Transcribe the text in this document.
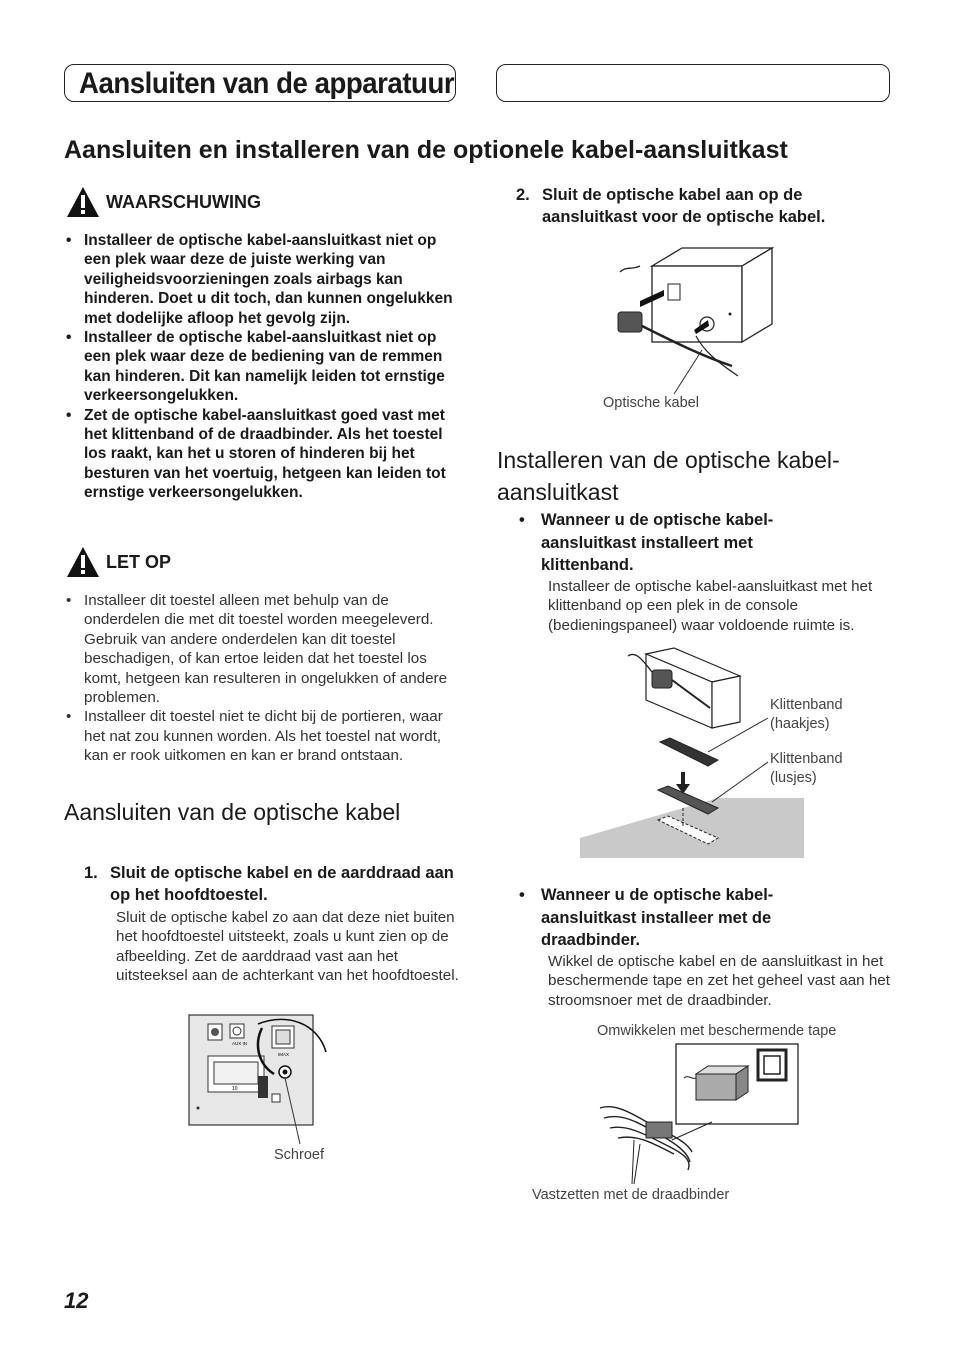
Aansluiten van de apparatuur
Aansluiten en installeren van de optionele kabel-aansluitkast
WAARSCHUWING
• Installeer de optische kabel-aansluitkast niet op een plek waar deze de juiste werking van veiligheidsvoorzieningen zoals airbags kan hinderen. Doet u dit toch, dan kunnen ongelukken met dodelijke afloop het gevolg zijn.
• Installeer de optische kabel-aansluitkast niet op een plek waar deze de bediening van de remmen kan hinderen. Dit kan namelijk leiden tot ernstige verkeersongelukken.
• Zet de optische kabel-aansluitkast goed vast met het klittenband of de draadbinder. Als het toestel los raakt, kan het u storen of hinderen bij het besturen van het voertuig, hetgeen kan leiden tot ernstige verkeersongelukken.
LET OP
• Installeer dit toestel alleen met behulp van de onderdelen die met dit toestel worden meegeleverd. Gebruik van andere onderdelen kan dit toestel beschadigen, of kan ertoe leiden dat het toestel los komt, hetgeen kan resulteren in ongelukken of andere problemen.
• Installeer dit toestel niet te dicht bij de portieren, waar het nat zou kunnen worden. Als het toestel nat wordt, kan er rook uitkomen en kan er brand ontstaan.
Aansluiten van de optische kabel
1. Sluit de optische kabel en de aarddraad aan op het hoofdtoestel.
Sluit de optische kabel zo aan dat deze niet buiten het hoofdtoestel uitsteekt, zoals u kunt zien op de afbeelding. Zet de aarddraad vast aan het uitsteeksel aan de achterkant van het hoofdtoestel.
AUX IN
10
IMAX
Schroef
2. Sluit de optische kabel aan op de aansluitkast voor de optische kabel.
Optische kabel
Installeren van de optische kabel-aansluitkast
• Wanneer u de optische kabel-aansluitkast installeert met klittenband.
Installeer de optische kabel-aansluitkast met het klittenband op een plek in de console (bedieningspaneel) waar voldoende ruimte is.
Klittenband
(haakjes)
Klittenband
(lusjes)
• Wanneer u de optische kabel-aansluitkast installeer met de draadbinder.
Wikkel de optische kabel en de aansluitkast in het beschermende tape en zet het geheel vast aan het stroomsnoer met de draadbinder.
Omwikkelen met beschermende tape
Vastzetten met de draadbinder
12
